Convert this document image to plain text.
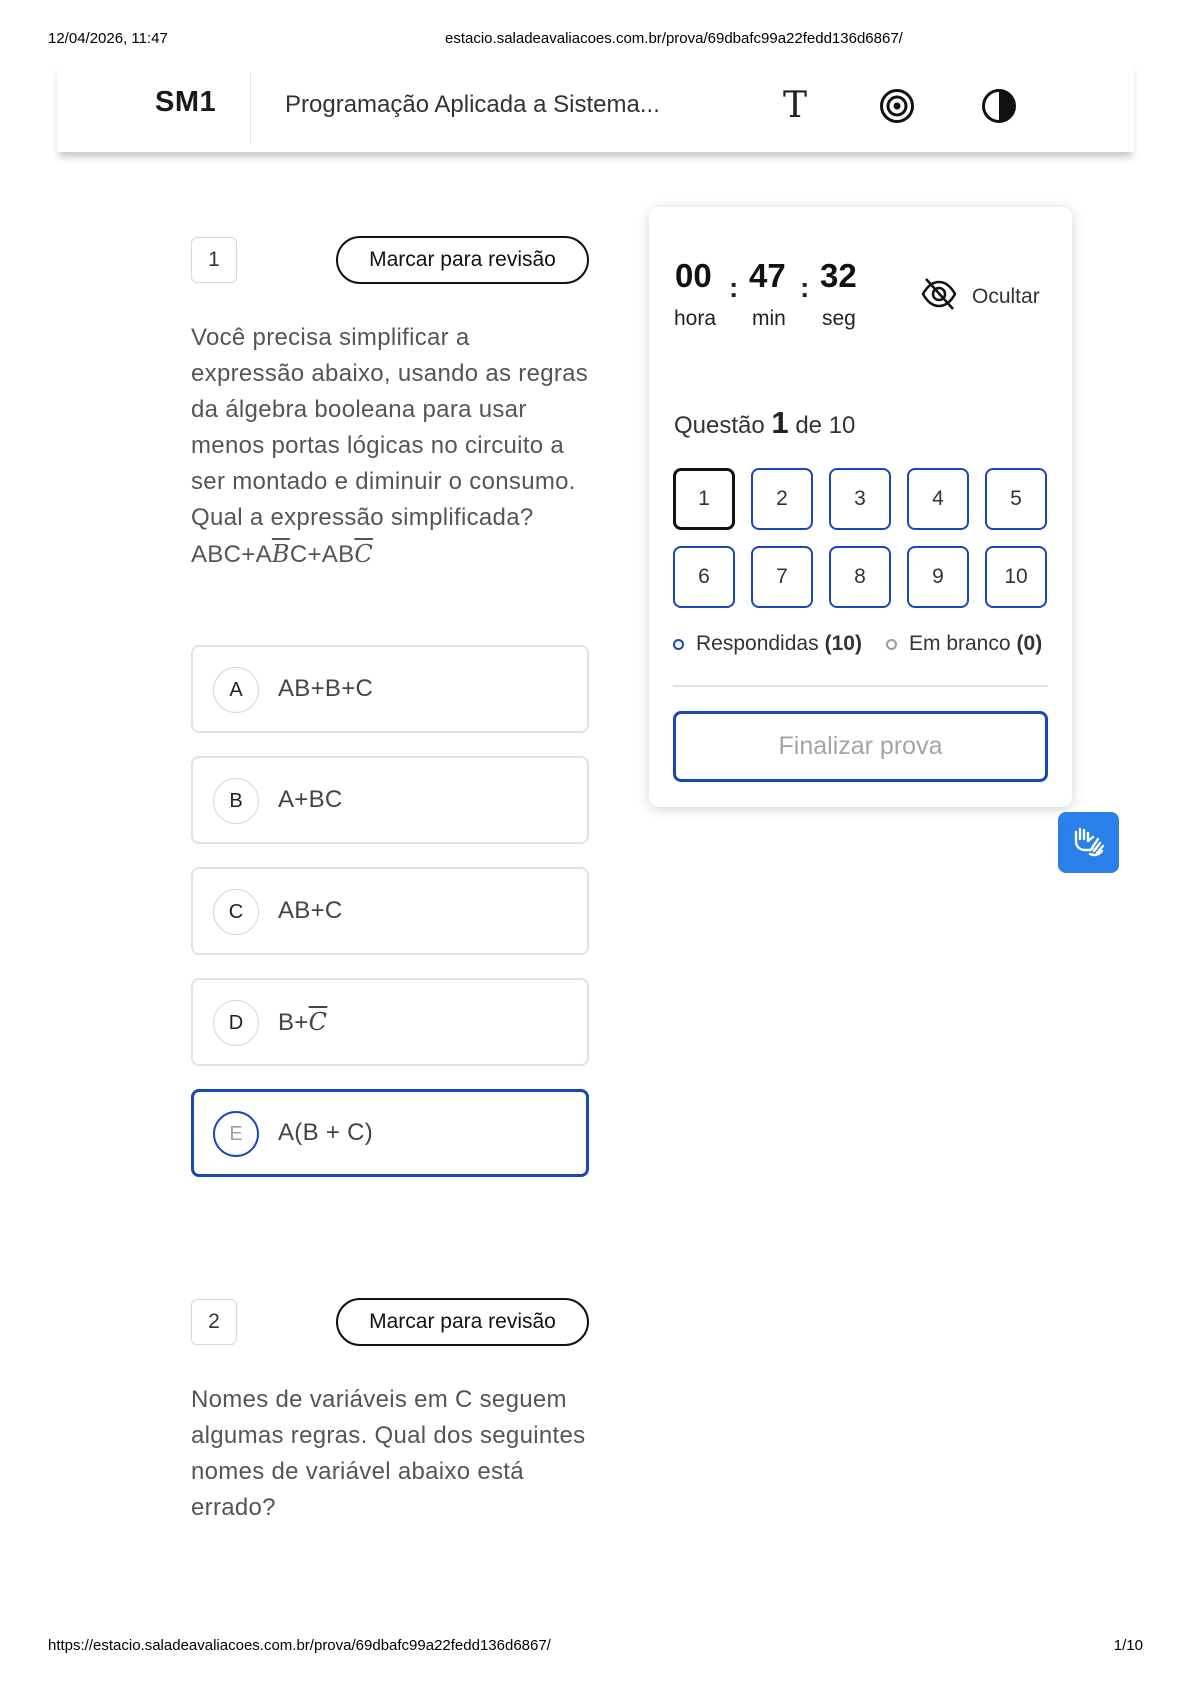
12/04/2026, 11:47	estacio.saladeavaliacoes.com.br/prova/69dbafc99a22fedd136d6867/
SM1	Programação Aplicada a Sistema...	T
1	Marcar para revisão
Você precisa simplificar a expressão abaixo, usando as regras da álgebra booleana para usar menos portas lógicas no circuito a ser montado e diminuir o consumo. Qual a expressão simplificada?
$ABC+A\overline{B}C+AB\overline{C}$
A	AB+B+C
B	A+BC
C	AB+C
D	$B+\overline{C}$
E	A(B + C)
2	Marcar para revisão
Nomes de variáveis em C seguem algumas regras. Qual dos seguintes nomes de variável abaixo está errado?
00 : 47 : 32
hora min seg
Ocultar
Questão 1 de 10
1	2	3	4	5
6	7	8	9	10
Respondidas (10) Em branco (0)
Finalizar prova
https://estacio.saladeavaliacoes.com.br/prova/69dbafc99a22fedd136d6867/	1/10
